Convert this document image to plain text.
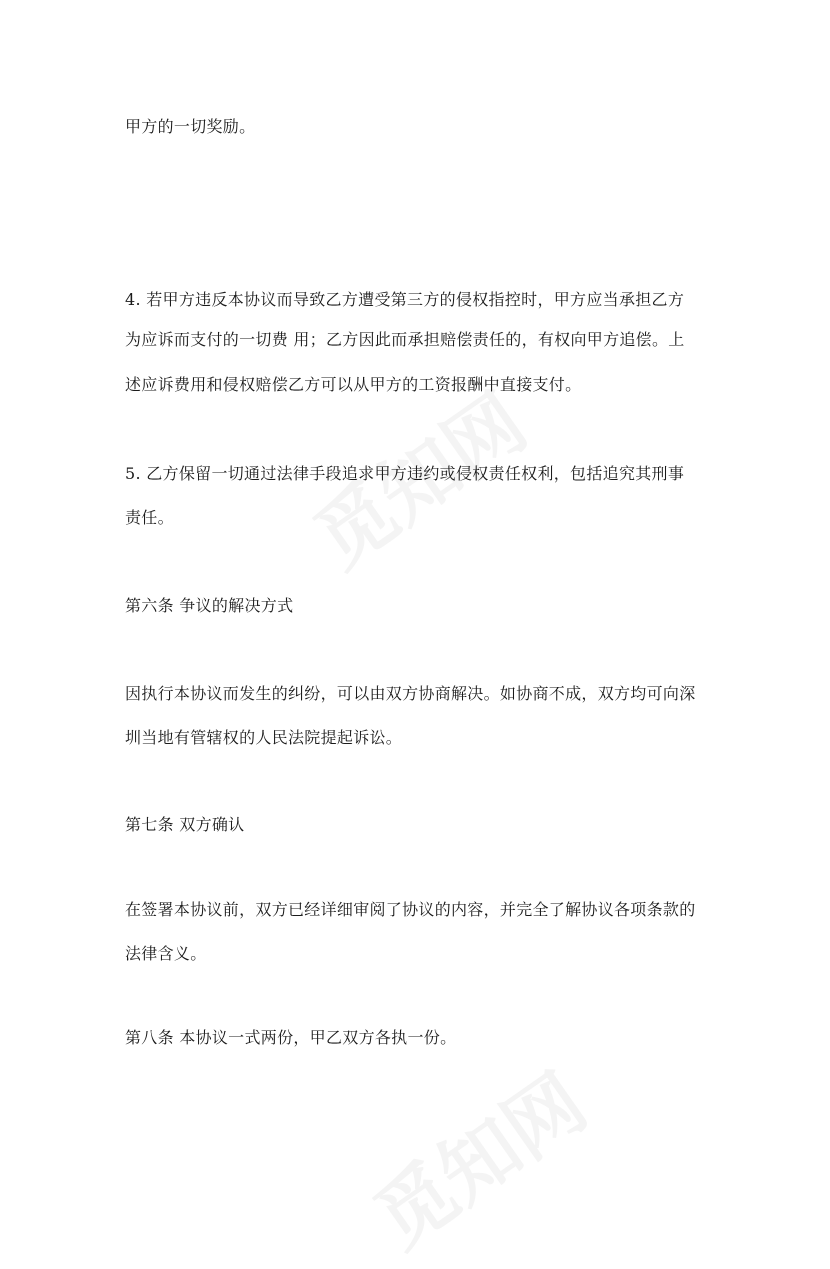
甲方的一切奖励。
4. 若甲方违反本协议而导致乙方遭受第三方的侵权指控时，甲方应当承担乙方
为应诉而支付的一切费 用；乙方因此而承担赔偿责任的，有权向甲方追偿。上
述应诉费用和侵权赔偿乙方可以从甲方的工资报酬中直接支付。
5. 乙方保留一切通过法律手段追求甲方违约或侵权责任权利，包括追究其刑事
责任。
第六条 争议的解决方式
因执行本协议而发生的纠纷，可以由双方协商解决。如协商不成，双方均可向深
圳当地有管辖权的人民法院提起诉讼。
第七条 双方确认
在签署本协议前，双方已经详细审阅了协议的内容，并完全了解协议各项条款的
法律含义。
第八条 本协议一式两份，甲乙双方各执一份。
